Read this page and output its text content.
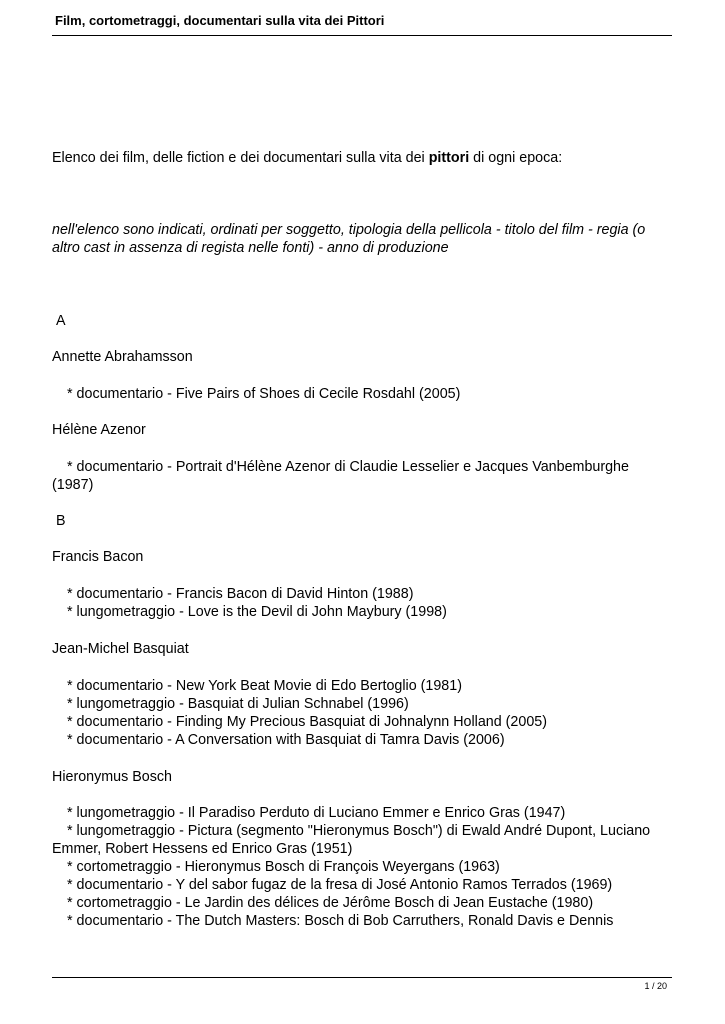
Film, cortometraggi, documentari sulla vita dei Pittori
Elenco dei film, delle fiction e dei documentari sulla vita dei pittori di ogni epoca:
nell'elenco sono indicati, ordinati per soggetto, tipologia della pellicola - titolo del film - regia (o altro cast in assenza di regista nelle fonti) - anno di produzione
A
Annette Abrahamsson

* documentario - Five Pairs of Shoes di Cecile Rosdahl (2005)

Hélène Azenor

* documentario - Portrait d'Hélène Azenor di Claudie Lesselier e Jacques Vanbemburghe (1987)

B
Francis Bacon

* documentario - Francis Bacon di David Hinton (1988)

* lungometraggio - Love is the Devil di John Maybury (1998)

Jean-Michel Basquiat

* documentario - New York Beat Movie di Edo Bertoglio (1981)

* lungometraggio - Basquiat di Julian Schnabel (1996)

* documentario - Finding My Precious Basquiat di Johnalynn Holland (2005)

* documentario - A Conversation with Basquiat di Tamra Davis (2006)

Hieronymus Bosch

* lungometraggio - Il Paradiso Perduto di Luciano Emmer e Enrico Gras (1947)

* lungometraggio - Pictura (segmento "Hieronymus Bosch") di Ewald André Dupont, Luciano Emmer, Robert Hessens ed Enrico Gras (1951)

* cortometraggio - Hieronymus Bosch di François Weyergans (1963)

* documentario - Y del sabor fugaz de la fresa di José Antonio Ramos Terrados (1969)

* cortometraggio - Le Jardin des délices de Jérôme Bosch di Jean Eustache (1980)

* documentario - The Dutch Masters: Bosch di Bob Carruthers, Ronald Davis e Dennis

1 / 20
